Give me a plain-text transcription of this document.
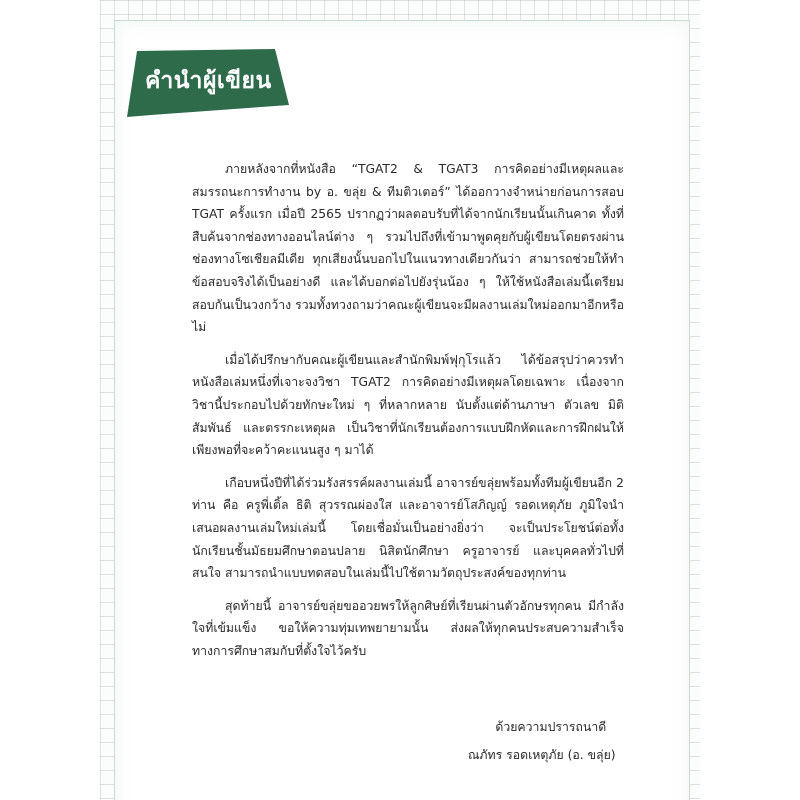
คำนำผู้เขียน

ภายหลังจากที่หนังสือ “TGAT2 & TGAT3 การคิดอย่างมีเหตุผลและสมรรถนะการทำงาน by อ. ขลุ่ย & ทีมติวเตอร์” ได้ออกวางจำหน่ายก่อนการสอบ TGAT ครั้งแรก เมื่อปี 2565 ปรากฏว่าผลตอบรับที่ได้จากนักเรียนนั้นเกินคาด ทั้งที่สืบค้นจากช่องทางออนไลน์ต่าง ๆ รวมไปถึงที่เข้ามาพูดคุยกับผู้เขียนโดยตรงผ่านช่องทางโซเชียลมีเดีย ทุกเสียงนั้นบอกไปในแนวทางเดียวกันว่า สามารถช่วยให้ทำข้อสอบจริงได้เป็นอย่างดี และได้บอกต่อไปยังรุ่นน้อง ๆ ให้ใช้หนังสือเล่มนี้เตรียมสอบกันเป็นวงกว้าง รวมทั้งทวงถามว่าคณะผู้เขียนจะมีผลงานเล่มใหม่ออกมาอีกหรือไม่

เมื่อได้ปรึกษากับคณะผู้เขียนและสำนักพิมพ์ฟุกุโรแล้ว ได้ข้อสรุปว่าควรทำหนังสือเล่มหนึ่งที่เจาะจงวิชา TGAT2 การคิดอย่างมีเหตุผลโดยเฉพาะ เนื่องจากวิชานี้ประกอบไปด้วยทักษะใหม่ ๆ ที่หลากหลาย นับตั้งแต่ด้านภาษา ตัวเลข มิติสัมพันธ์ และตรรกะเหตุผล เป็นวิชาที่นักเรียนต้องการแบบฝึกหัดและการฝึกฝนให้เพียงพอที่จะคว้าคะแนนสูง ๆ มาได้

เกือบหนึ่งปีที่ได้ร่วมรังสรรค์ผลงานเล่มนี้ อาจารย์ขลุ่ยพร้อมทั้งทีมผู้เขียนอีก 2 ท่าน คือ ครูพี่เติ้ล ธิติ สุวรรณผ่องใส และอาจารย์โสภิญญ์ รอดเหตุภัย ภูมิใจนำเสนอผลงานเล่มใหม่เล่มนี้ โดยเชื่อมั่นเป็นอย่างยิ่งว่า จะเป็นประโยชน์ต่อทั้งนักเรียนชั้นมัธยมศึกษาตอนปลาย นิสิตนักศึกษา ครูอาจารย์ และบุคคลทั่วไปที่สนใจ สามารถนำแบบทดสอบในเล่มนี้ไปใช้ตามวัตถุประสงค์ของทุกท่าน

สุดท้ายนี้ อาจารย์ขลุ่ยขออวยพรให้ลูกศิษย์ที่เรียนผ่านตัวอักษรทุกคน มีกำลังใจที่เข้มแข็ง ขอให้ความทุ่มเทพยายามนั้น ส่งผลให้ทุกคนประสบความสำเร็จทางการศึกษาสมกับที่ตั้งใจไว้ครับ

ด้วยความปรารถนาดี
ณภัทร รอดเหตุภัย (อ. ขลุ่ย)
